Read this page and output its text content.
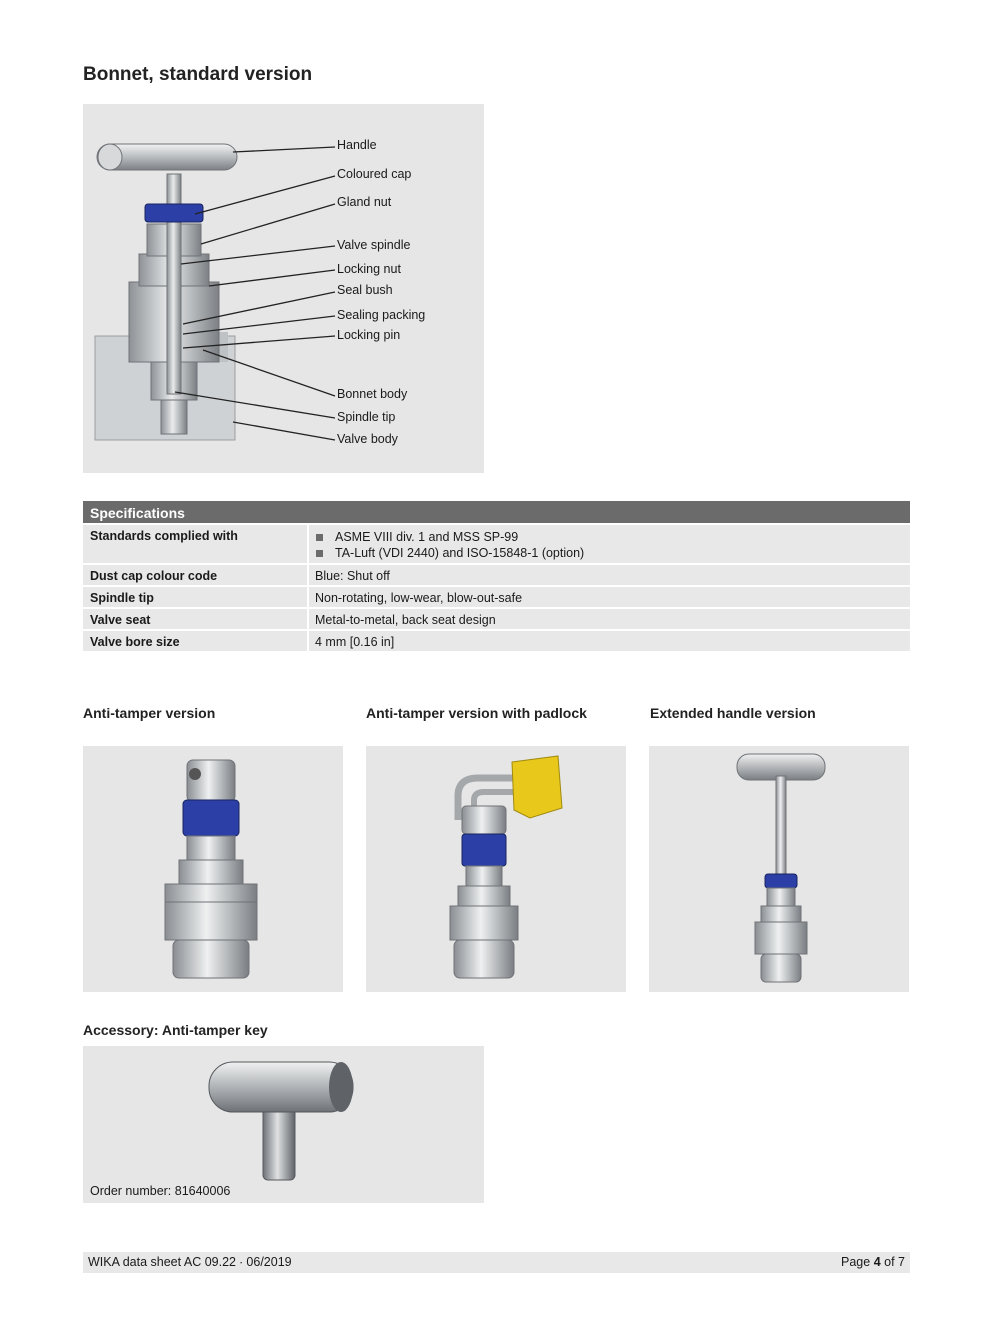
Bonnet, standard version
Handle
Coloured cap
Gland nut
Valve spindle
Locking nut
Seal bush
Sealing packing
Locking pin
Bonnet body
Spindle tip
Valve body
Specifications
Standards complied with	ASME VIII div. 1 and MSS SP-99
TA-Luft (VDI 2440) and ISO-15848-1 (option)
Dust cap colour code	Blue: Shut off
Spindle tip	Non-rotating, low-wear, blow-out-safe
Valve seat	Metal-to-metal, back seat design
Valve bore size	4 mm [0.16 in]
Anti-tamper version	Anti-tamper version with padlock	Extended handle version
Accessory: Anti-tamper key
Order number: 81640006
WIKA data sheet AC 09.22 ∙ 06/2019	Page 4 of 7
